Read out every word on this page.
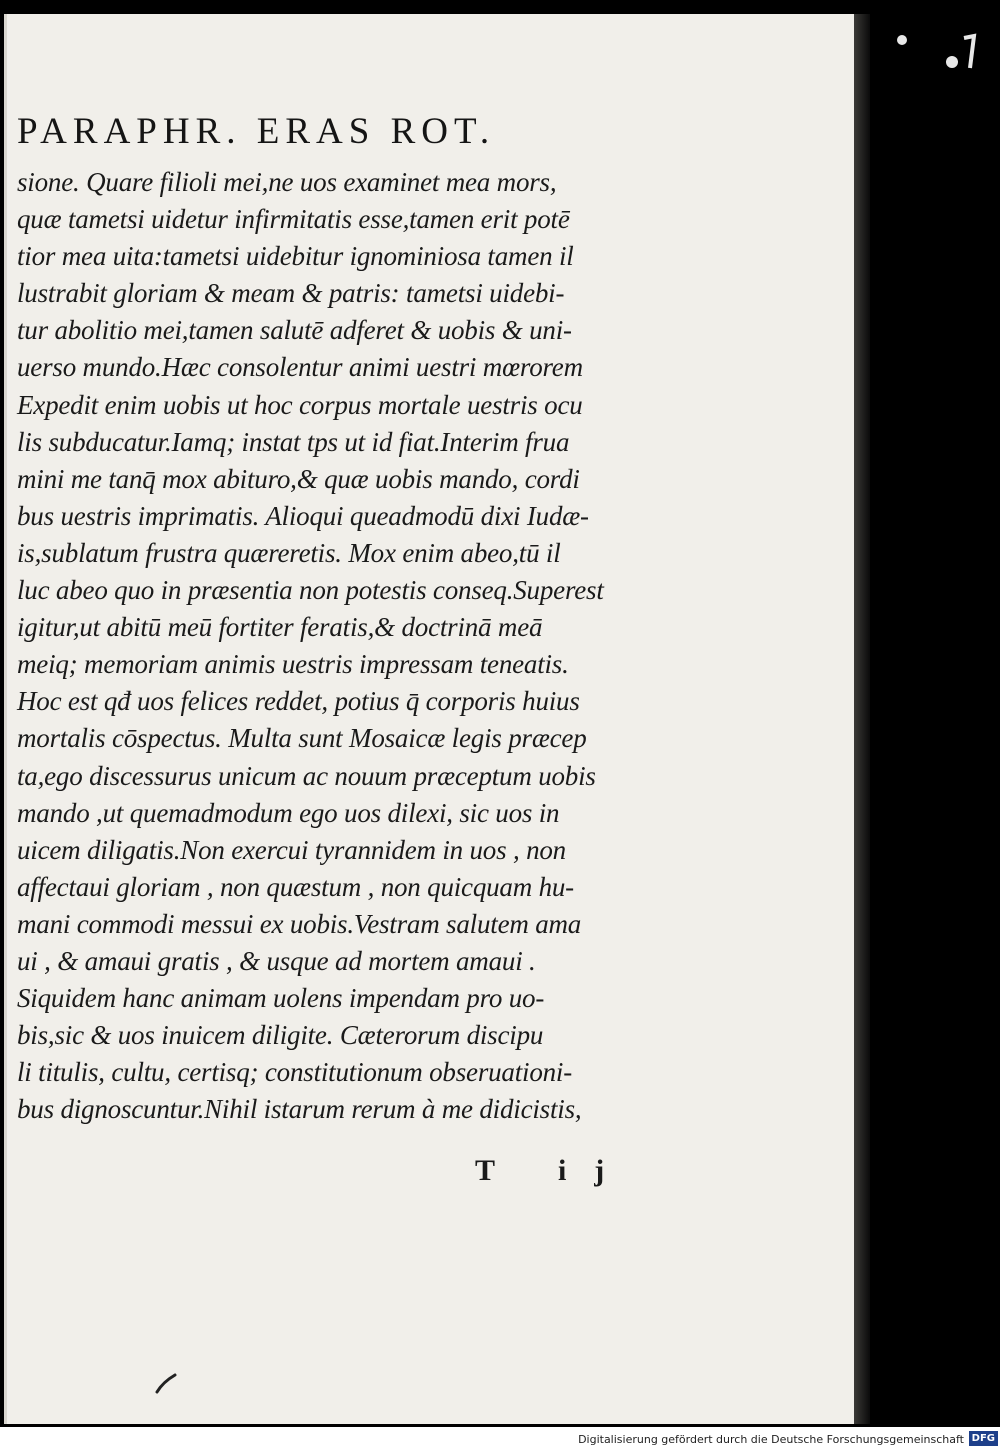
PARAPHR. ERAS ROT.
sione. Quare filioli mei,ne uos examinet mea mors,
quæ tametsi uidetur infirmitatis esse,tamen erit potē
tior mea uita:tametsi uidebitur ignominiosa tamen il
lustrabit gloriam & meam & patris: tametsi uidebi-
tur abolitio mei,tamen salutē adferet & uobis & uni-
uerso mundo.Hæc consolentur animi uestri mœrorem
Expedit enim uobis ut hoc corpus mortale uestris ocu
lis subducatur.Iamq; instat tps ut id fiat.Interim frua
mini me tanq̄ mox abituro,& quæ uobis mando, cordi
bus uestris imprimatis. Alioqui queadmodū dixi Iudæ-
is,sublatum frustra quæreretis. Mox enim abeo,tū il
luc abeo quo in præsentia non potestis conseq.Superest
igitur,ut abitū meū fortiter feratis,& doctrinā meā
meiq; memoriam animis uestris impressam teneatis.
Hoc est qđ uos felices reddet, potius q̄ corporis huius
mortalis cōspectus. Multa sunt Mosaicæ legis præcep
ta,ego discessurus unicum ac nouum præceptum uobis
mando ,ut quemadmodum ego uos dilexi, sic uos in
uicem diligatis.Non exercui tyrannidem in uos , non
affectaui gloriam , non quæstum , non quicquam hu-
mani commodi messui ex uobis.Vestram salutem ama
ui , & amaui gratis , & usque ad mortem amaui .
Siquidem hanc animam uolens impendam pro uo-
bis,sic & uos inuicem diligite. Cæterorum discipu
li titulis, cultu, certisq; constitutionum obseruationi-
bus dignoscuntur.Nihil istarum rerum à me didicistis,
T ij
Digitalisierung gefördert durch die Deutsche Forschungsgemeinschaft DFG
